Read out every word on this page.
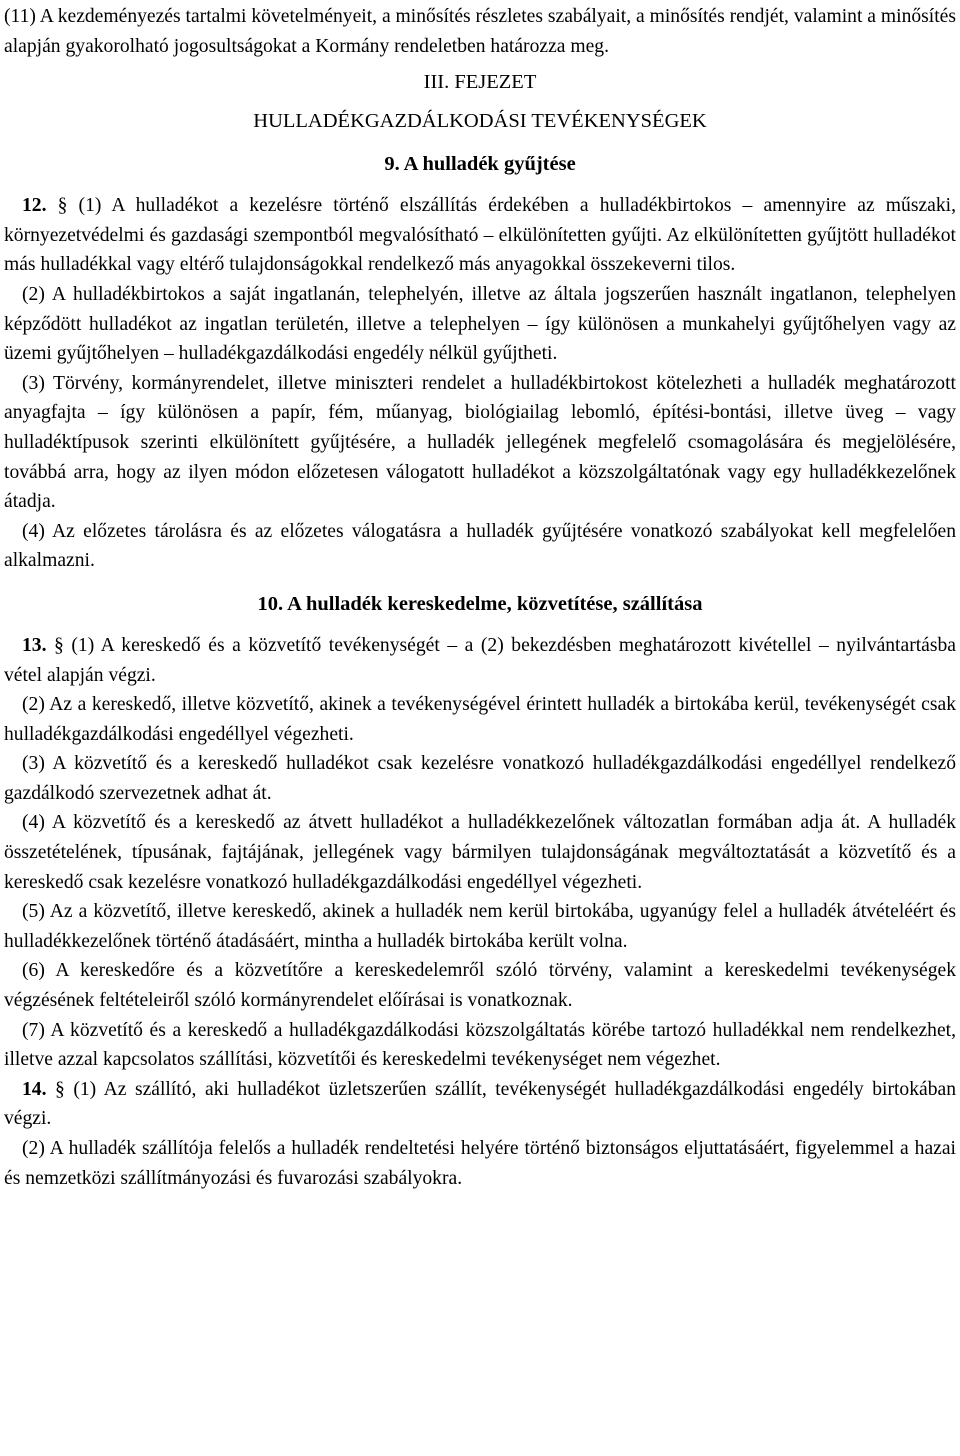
(11) A kezdeményezés tartalmi követelményeit, a minősítés részletes szabályait, a minősítés rendjét, valamint a minősítés alapján gyakorolható jogosultságokat a Kormány rendeletben határozza meg.

III. FEJEZET
HULLADÉKGAZDÁLKODÁSI TEVÉKENYSÉGEK
9. A hulladék gyűjtése

12. § (1) A hulladékot a kezelésre történő elszállítás érdekében a hulladékbirtokos – amennyire az műszaki, környezetvédelmi és gazdasági szempontból megvalósítható – elkülönítetten gyűjti. Az elkülönítetten gyűjtött hulladékot más hulladékkal vagy eltérő tulajdonságokkal rendelkező más anyagokkal összekeverni tilos.

(2) A hulladékbirtokos a saját ingatlanán, telephelyén, illetve az általa jogszerűen használt ingatlanon, telephelyen képződött hulladékot az ingatlan területén, illetve a telephelyen – így különösen a munkahelyi gyűjtőhelyen vagy az üzemi gyűjtőhelyen – hulladékgazdálkodási engedély nélkül gyűjtheti.

(3) Törvény, kormányrendelet, illetve miniszteri rendelet a hulladékbirtokost kötelezheti a hulladék meghatározott anyagfajta – így különösen a papír, fém, műanyag, biológiailag lebomló, építési-bontási, illetve üveg – vagy hulladéktípusok szerinti elkülönített gyűjtésére, a hulladék jellegének megfelelő csomagolására és megjelölésére, továbbá arra, hogy az ilyen módon előzetesen válogatott hulladékot a közszolgáltatónak vagy egy hulladékkezelőnek átadja.

(4) Az előzetes tárolásra és az előzetes válogatásra a hulladék gyűjtésére vonatkozó szabályokat kell megfelelően alkalmazni.

10. A hulladék kereskedelme, közvetítése, szállítása

13. § (1) A kereskedő és a közvetítő tevékenységét – a (2) bekezdésben meghatározott kivétellel – nyilvántartásba vétel alapján végzi.

(2) Az a kereskedő, illetve közvetítő, akinek a tevékenységével érintett hulladék a birtokába kerül, tevékenységét csak hulladékgazdálkodási engedéllyel végezheti.

(3) A közvetítő és a kereskedő hulladékot csak kezelésre vonatkozó hulladékgazdálkodási engedéllyel rendelkező gazdálkodó szervezetnek adhat át.

(4) A közvetítő és a kereskedő az átvett hulladékot a hulladékkezelőnek változatlan formában adja át. A hulladék összetételének, típusának, fajtájának, jellegének vagy bármilyen tulajdonságának megváltoztatását a közvetítő és a kereskedő csak kezelésre vonatkozó hulladékgazdálkodási engedéllyel végezheti.

(5) Az a közvetítő, illetve kereskedő, akinek a hulladék nem kerül birtokába, ugyanúgy felel a hulladék átvételéért és hulladékkezelőnek történő átadásáért, mintha a hulladék birtokába került volna.

(6) A kereskedőre és a közvetítőre a kereskedelemről szóló törvény, valamint a kereskedelmi tevékenységek végzésének feltételeiről szóló kormányrendelet előírásai is vonatkoznak.

(7) A közvetítő és a kereskedő a hulladékgazdálkodási közszolgáltatás körébe tartozó hulladékkal nem rendelkezhet, illetve azzal kapcsolatos szállítási, közvetítői és kereskedelmi tevékenységet nem végezhet.

14. § (1) Az szállító, aki hulladékot üzletszerűen szállít, tevékenységét hulladékgazdálkodási engedély birtokában végzi.

(2) A hulladék szállítója felelős a hulladék rendeltetési helyére történő biztonságos eljuttatásáért, figyelemmel a hazai és nemzetközi szállítmányozási és fuvarozási szabályokra.
